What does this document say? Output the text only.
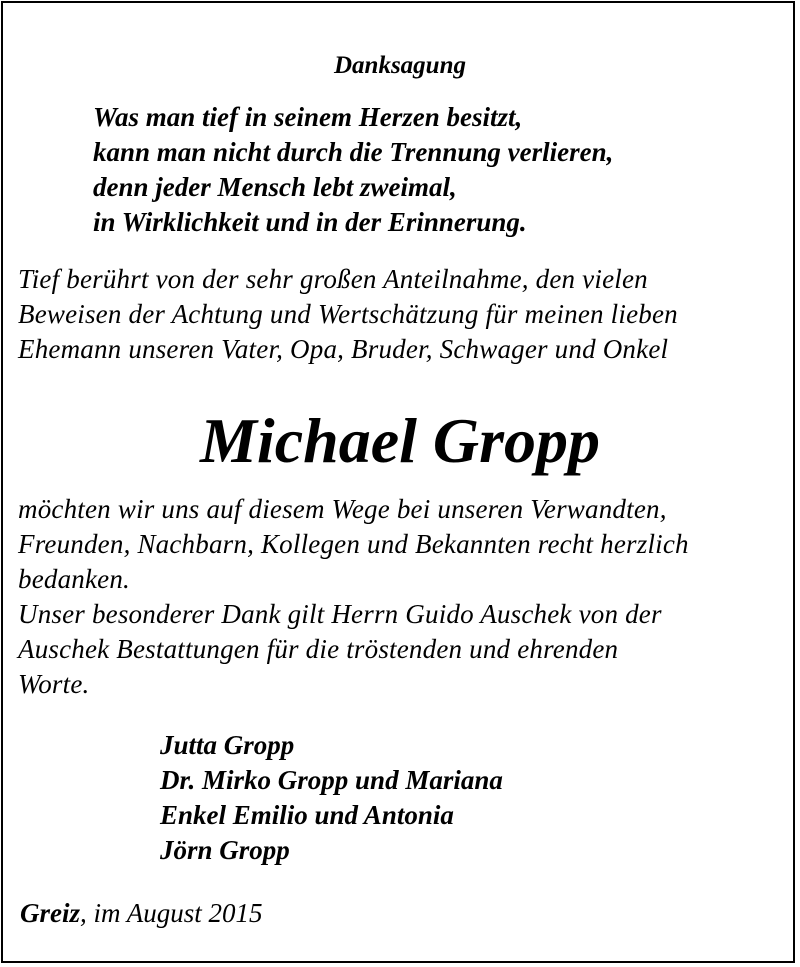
Danksagung
Was man tief in seinem Herzen besitzt,
kann man nicht durch die Trennung verlieren,
denn jeder Mensch lebt zweimal,
in Wirklichkeit und in der Erinnerung.
Tief berührt von der sehr großen Anteilnahme, den vielen
Beweisen der Achtung und Wertschätzung für meinen lieben
Ehemann unseren Vater, Opa, Bruder, Schwager und Onkel
Michael Gropp
möchten wir uns auf diesem Wege bei unseren Verwandten,
Freunden, Nachbarn, Kollegen und Bekannten recht herzlich
bedanken.
Unser besonderer Dank gilt Herrn Guido Auschek von der
Auschek Bestattungen für die tröstenden und ehrenden
Worte.
Jutta Gropp
Dr. Mirko Gropp und Mariana
Enkel Emilio und Antonia
Jörn Gropp
Greiz, im August 2015
